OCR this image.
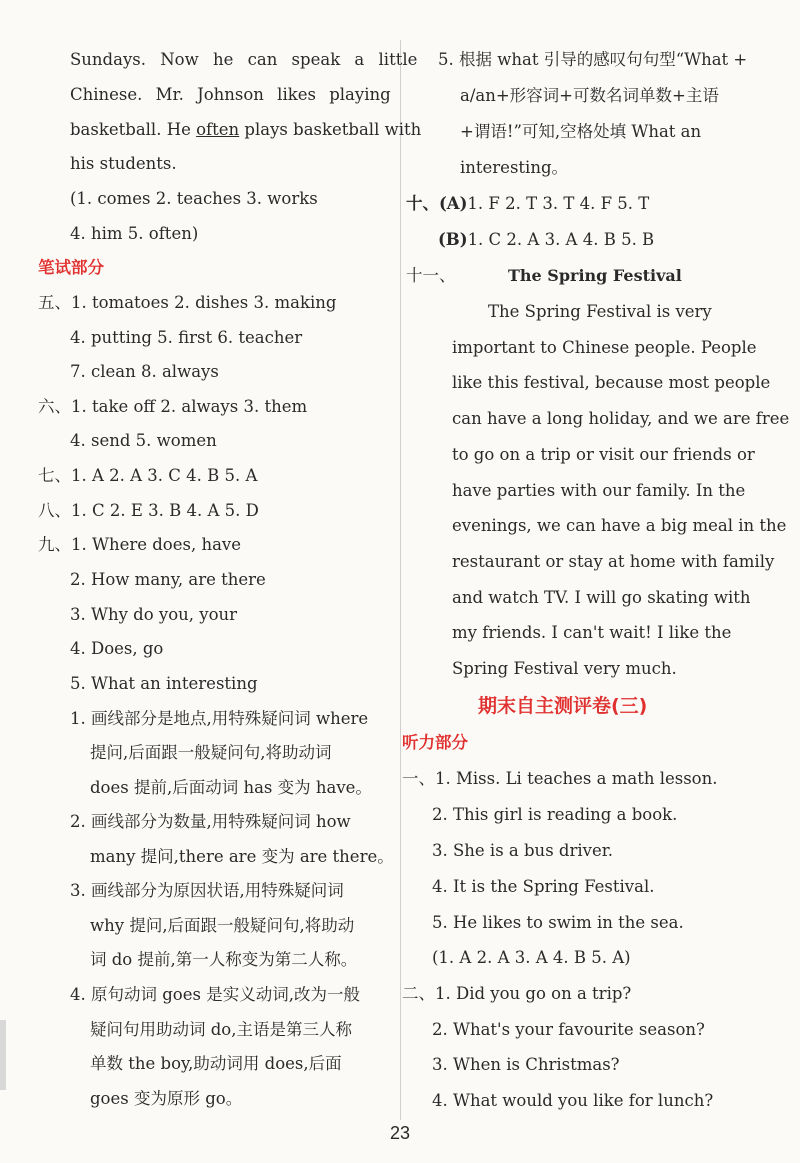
Sundays. Now he can speak a little
Chinese. Mr. Johnson likes playing
basketball. He often plays basketball with
his students.
(1. comes 2. teaches 3. works
4. him 5. often)
笔试部分
五、1. tomatoes 2. dishes 3. making
4. putting 5. first 6. teacher
7. clean 8. always
六、1. take off 2. always 3. them
4. send 5. women
七、1. A 2. A 3. C 4. B 5. A
八、1. C 2. E 3. B 4. A 5. D
九、1. Where does, have
2. How many, are there
3. Why do you, your
4. Does, go
5. What an interesting
1. 画线部分是地点,用特殊疑问词 where
提问,后面跟一般疑问句,将助动词
does 提前,后面动词 has 变为 have。
2. 画线部分为数量,用特殊疑问词 how
many 提问,there are 变为 are there。
3. 画线部分为原因状语,用特殊疑问词
why 提问,后面跟一般疑问句,将助动
词 do 提前,第一人称变为第二人称。
4. 原句动词 goes 是实义动词,改为一般
疑问句用助动词 do,主语是第三人称
单数 the boy,助动词用 does,后面
goes 变为原形 go。
5. 根据 what 引导的感叹句句型“What +
a/an+形容词+可数名词单数+主语
+谓语!”可知,空格处填 What an
interesting。
十、(A)1. F 2. T 3. T 4. F 5. T
(B)1. C 2. A 3. A 4. B 5. B
十一、	The Spring Festival
The Spring Festival is very
important to Chinese people. People
like this festival, because most people
can have a long holiday, and we are free
to go on a trip or visit our friends or
have parties with our family. In the
evenings, we can have a big meal in the
restaurant or stay at home with family
and watch TV. I will go skating with
my friends. I can't wait! I like the
Spring Festival very much.
期末自主测评卷(三)
听力部分
一、1. Miss. Li teaches a math lesson.
2. This girl is reading a book.
3. She is a bus driver.
4. It is the Spring Festival.
5. He likes to swim in the sea.
(1. A 2. A 3. A 4. B 5. A)
二、1. Did you go on a trip?
2. What's your favourite season?
3. When is Christmas?
4. What would you like for lunch?
23
